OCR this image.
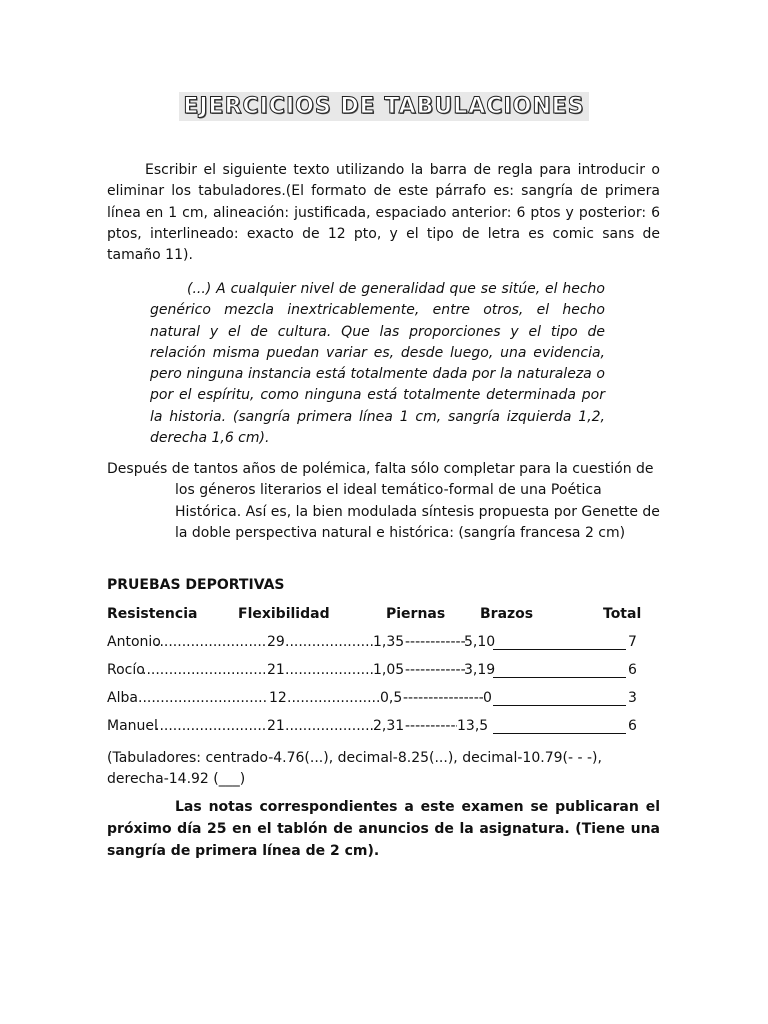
EJERCICIOS DE TABULACIONES
Escribir el siguiente texto utilizando la barra de regla para introducir o eliminar los tabuladores.(El formato de este párrafo es: sangría de primera línea en 1 cm, alineación: justificada, espaciado anterior: 6 ptos y posterior: 6 ptos, interlineado: exacto de 12 pto, y el tipo de letra es comic sans de tamaño 11).
(...) A cualquier nivel de generalidad que se sitúe, el hecho genérico mezcla inextricablemente, entre otros, el hecho natural y el de cultura. Que las proporciones y el tipo de relación misma puedan variar es, desde luego, una evidencia, pero ninguna instancia está totalmente dada por la naturaleza o por el espíritu, como ninguna está totalmente determinada por la historia. (sangría primera línea 1 cm, sangría izquierda 1,2, derecha 1,6 cm).
Después de tantos años de polémica, falta sólo completar para la cuestión de los géneros literarios el ideal temático-formal de una Poética Histórica. Así es, la bien modulada síntesis propuesta por Genette de la doble perspectiva natural e histórica: (sangría francesa 2 cm)
PRUEBAS DEPORTIVAS
Resistencia	Flexibilidad	Piernas Brazos	Total
Antonio .....	29 .....	1,35 -----	5,10	7
Rocío .....	21 .....	1,05 -----	3,19	6
Alba .....	12 .....	0,5 -----	0	3
Manuel .....	21 .....	2,31 -----	13,5	6
(Tabuladores: centrado-4.76(...), decimal-8.25(...), decimal-10.79(- - -), derecha-14.92 (___)
Las notas correspondientes a este examen se publicaran el próximo día 25 en el tablón de anuncios de la asignatura. (Tiene una sangría de primera línea de 2 cm).
